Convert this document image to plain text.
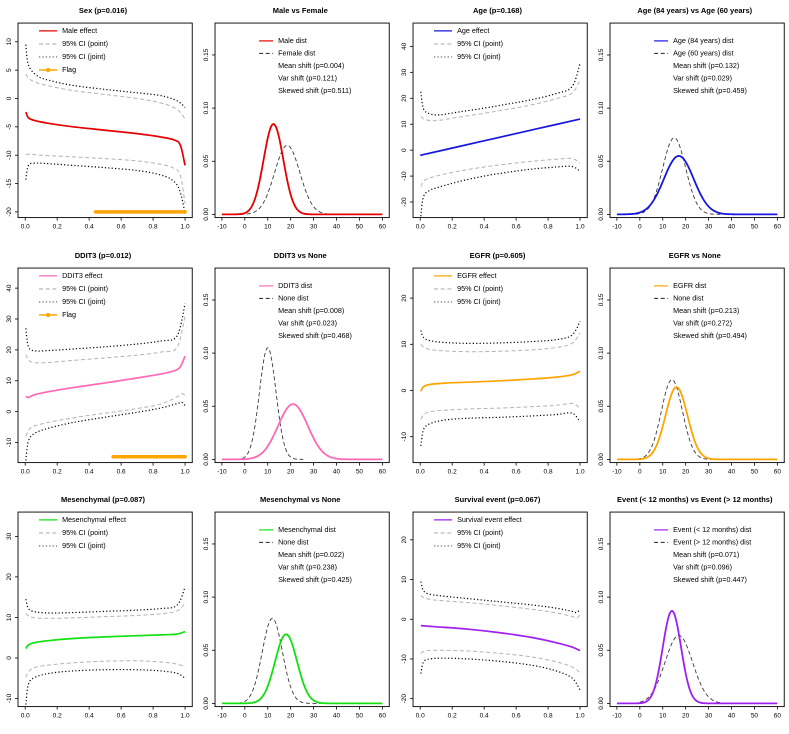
Sex (p=0.016)
0.0	0.2	0.4	0.6	0.8	1.0
10
5
0
-5
-10
-15
-20
Male effect
95% CI (point)
95% CI (joint)
Flag
Male vs Female
-10	0	10 20 30 40 50 60
0.00
0.05
0.10
0.15
Male dist
Female dist
Mean shift (p=0.004)
Var shift (p=0.121)
Skewed shift (p=0.511)
Age (p=0.168)
0.0	0.2	0.4	0.6	0.8	1.0
40
30
20
10
0
-10
-20
Age effect
95% CI (point)
95% CI (joint)
Age (84 years) vs Age (60 years)
-10	0	10 20 30 40 50 60
0.00
0.05
0.10
0.15
Age (84 years) dist
Age (60 years) dist
Mean shift (p=0.132)
Var shift (p=0.029)
Skewed shift (p=0.459)
DDIT3 (p=0.012)
0.0	0.2	0.4	0.6	0.8	1.0
40
30
20
10
0
-10
DDIT3 effect
95% CI (point)
95% CI (joint)
Flag
DDIT3 vs None
-10	0	10 20 30 40 50 60
0.00
0.05
0.10
0.15
DDIT3 dist
None dist
Mean shift (p=0.008)
Var shift (p=0.023)
Skewed shift (p=0.468)
EGFR (p=0.605)
0.0	0.2	0.4	0.6	0.8	1.0
20
10
0
-10
EGFR effect
95% CI (point)
95% CI (joint)
EGFR vs None
-10	0	10 20 30 40 50 60
0.00
0.05
0.10
0.15
EGFR dist
None dist
Mean shift (p=0.213)
Var shift (p=0.272)
Skewed shift (p=0.494)
Mesenchymal (p=0.087)
0.0	0.2	0.4	0.6	0.8	1.0
30
20
10
0
-10
Mesenchymal effect
95% CI (point)
95% CI (joint)
Mesenchymal vs None
-10	0	10 20 30 40 50 60
0.00
0.05
0.10
0.15
Mesenchymal dist
None dist
Mean shift (p=0.022)
Var shift (p=0.238)
Skewed shift (p=0.425)
Survival event (p=0.067)
0.0	0.2	0.4	0.6	0.8	1.0
20
10
0
-10
-20
Survival event effect
95% CI (point)
95% CI (joint)
Event (< 12 months) vs Event (> 12 months)
-10	0	10 20 30 40 50 60
0.00
0.05
0.10
0.15
Event (< 12 months) dist
Event (> 12 months) dist
Mean shift (p=0.071)
Var shift (p=0.096)
Skewed shift (p=0.447)
